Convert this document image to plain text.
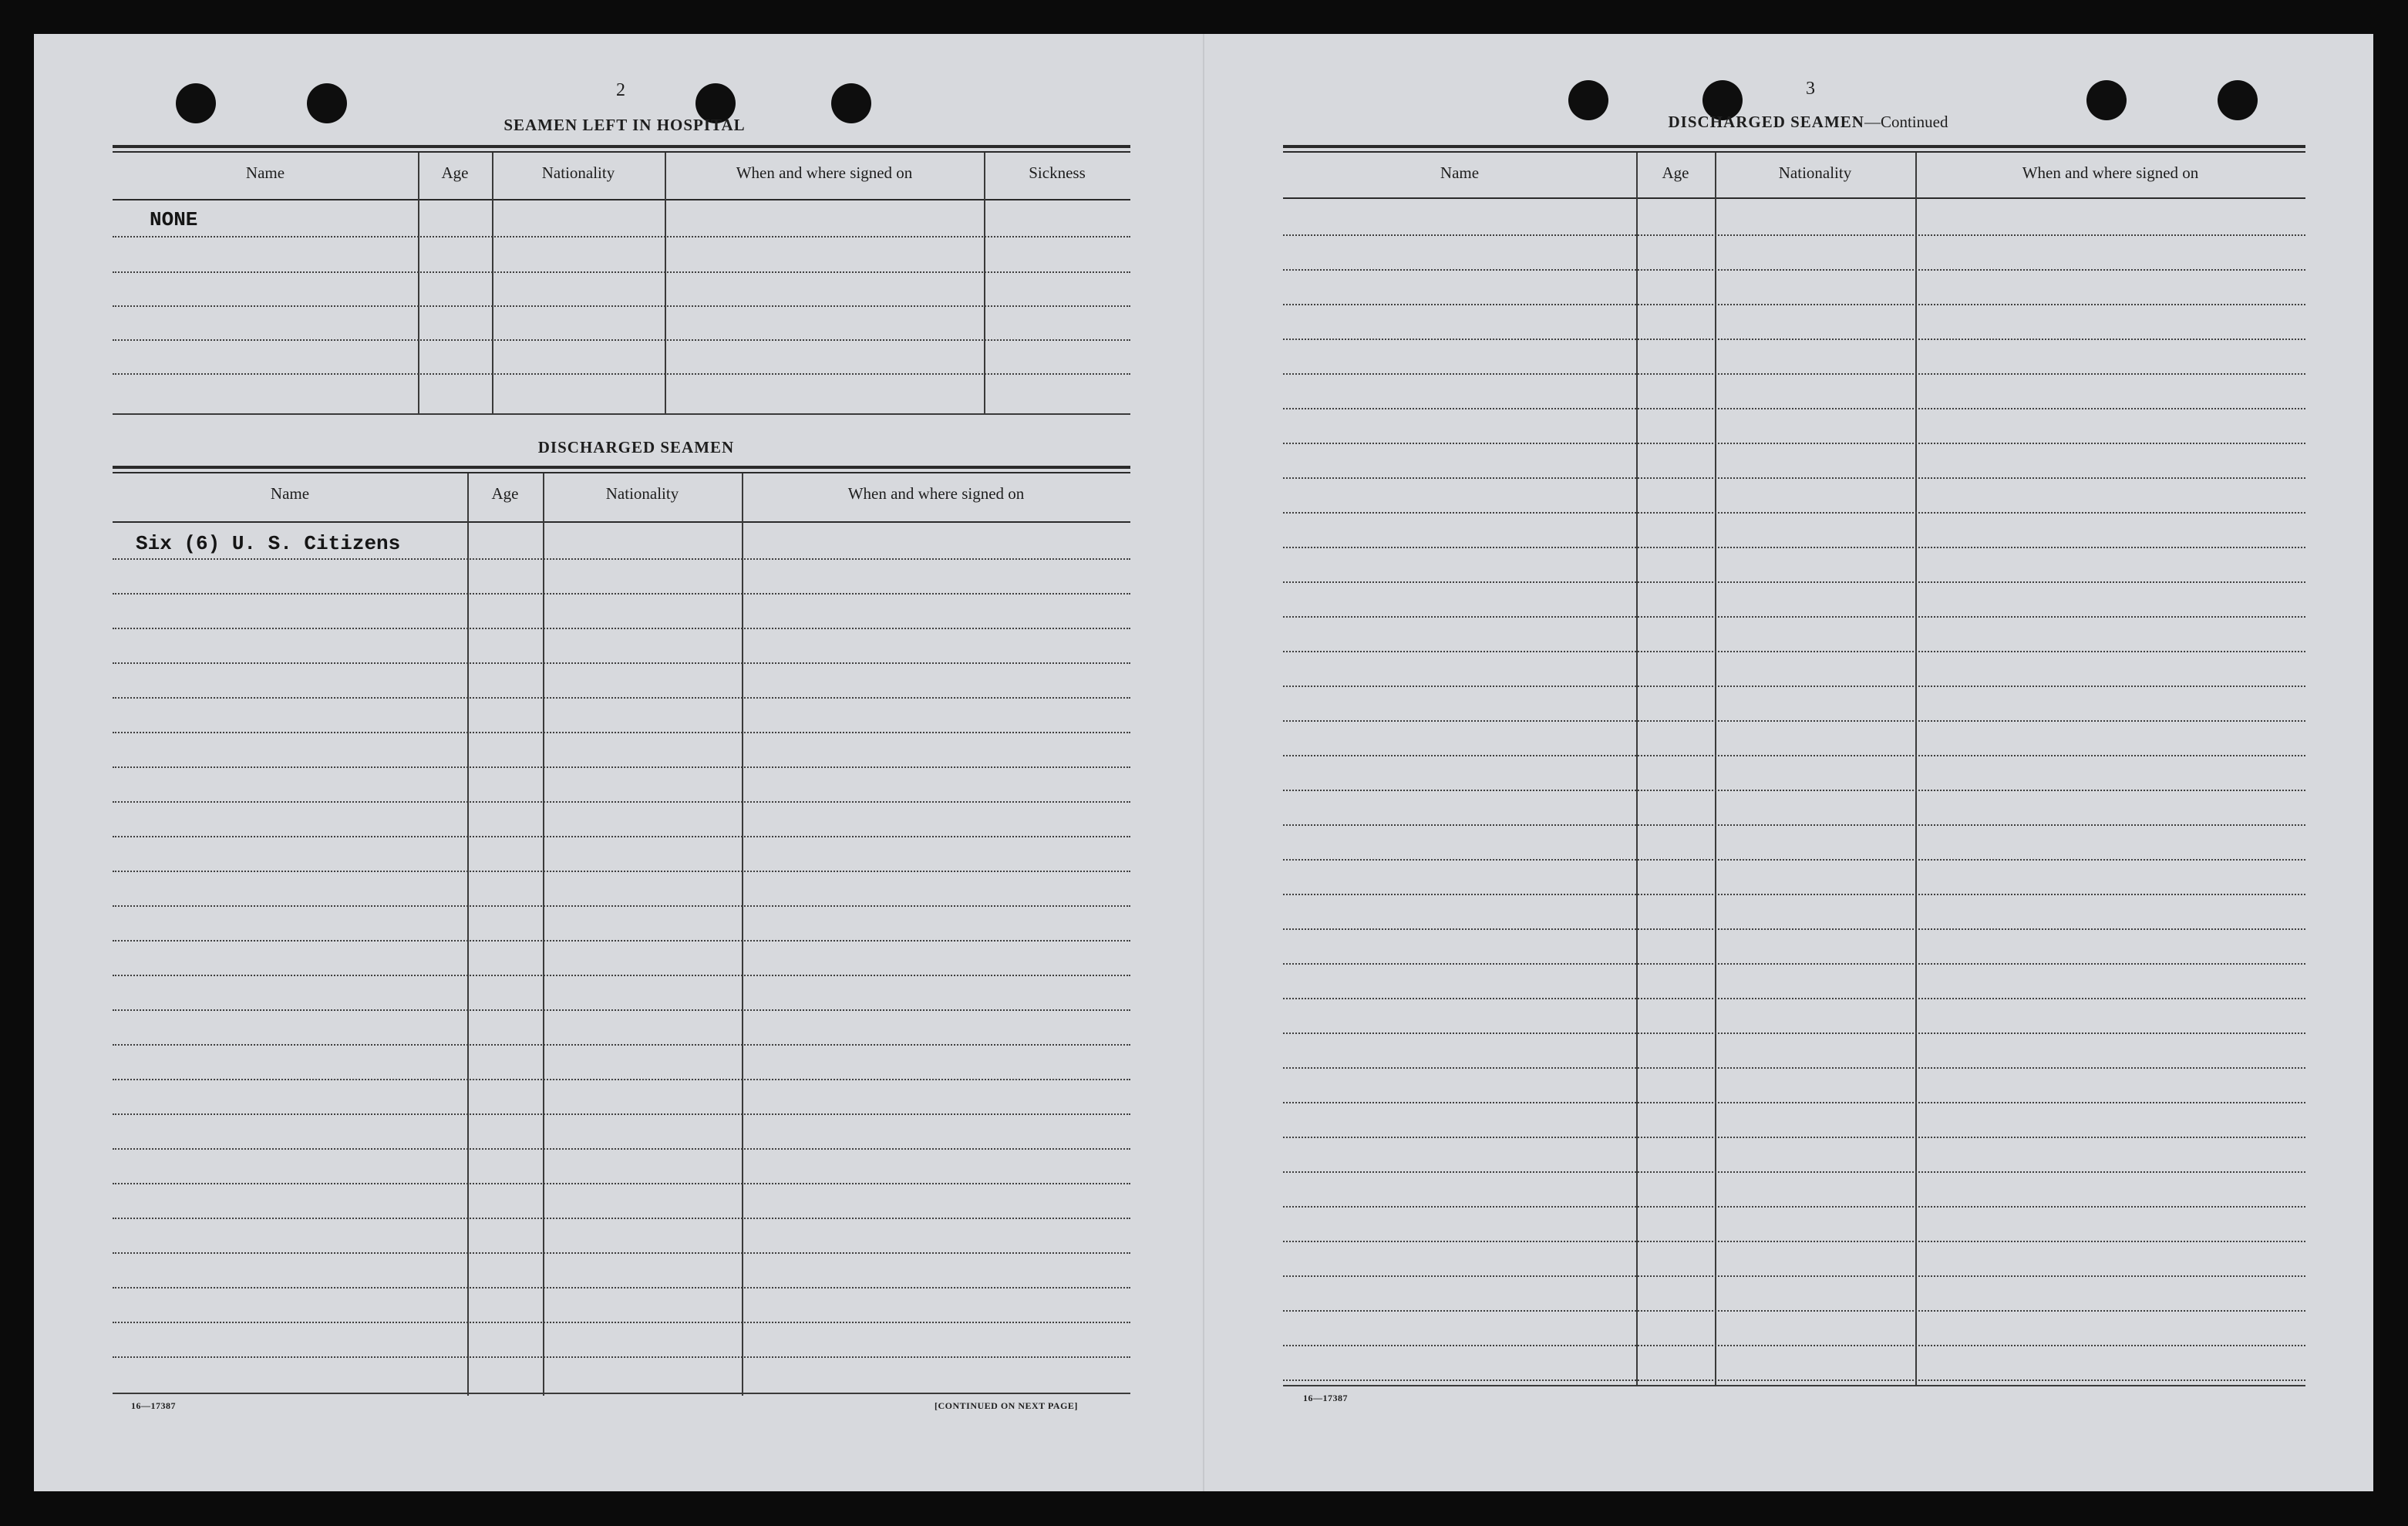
2
SEAMEN LEFT IN HOSPITAL
Name	Age	Nationality	When and where signed on	Sickness
NONE
DISCHARGED SEAMEN
Name	Age	Nationality	When and where signed on
Six (6) U. S. Citizens
16—17387	[CONTINUED ON NEXT PAGE]
3
DISCHARGED SEAMEN—Continued
Name	Age	Nationality	When and where signed on
16—17387
